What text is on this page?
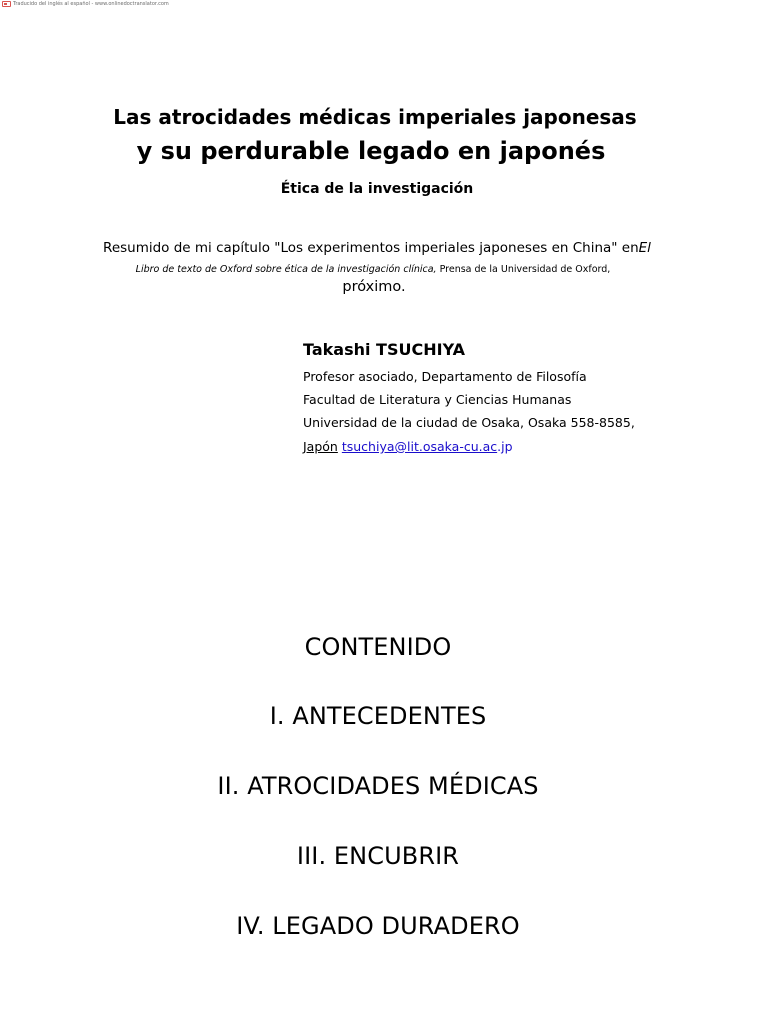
Traducido del inglés al español - www.onlinedoctranslator.com
Las atrocidades médicas imperiales japonesas
y su perdurable legado en japonés
Ética de la investigación
Resumido de mi capítulo "Los experimentos imperiales japoneses en China" enEl
Libro de texto de Oxford sobre ética de la investigación clínica, Prensa de la Universidad de Oxford,
próximo.
Takashi TSUCHIYA
Profesor asociado, Departamento de Filosofía
Facultad de Literatura y Ciencias Humanas
Universidad de la ciudad de Osaka, Osaka 558-8585,
Japón tsuchiya@lit.osaka-cu.ac.jp
CONTENIDO
I. ANTECEDENTES
II. ATROCIDADES MÉDICAS
III. ENCUBRIR
IV. LEGADO DURADERO
